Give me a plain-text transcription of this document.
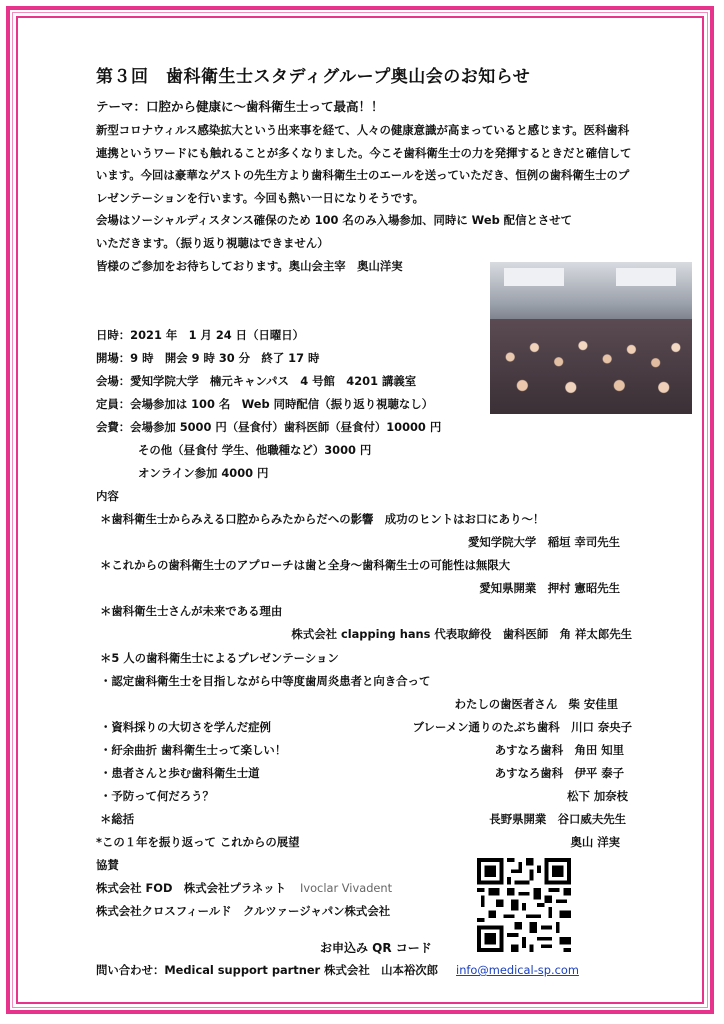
第３回　歯科衛生士スタディグループ奥山会のお知らせ
テーマ：口腔から健康に～歯科衛生士って最高！！

新型コロナウィルス感染拡大という出来事を経て、人々の健康意識が高まっていると感じます。医科歯科連携というワードにも触れることが多くなりました。今こそ歯科衛生士の力を発揮するときだと確信しています。今回は豪華なゲストの先生方より歯科衛生士のエールを送っていただき、恒例の歯科衛生士のプレゼンテーションを行います。今回も熱い一日になりそうです。

会場はソーシャルディスタンス確保のため 100 名のみ入場参加、同時に Web 配信とさせて
いただきます。（振り返り視聴はできません）
皆様のご参加をお待ちしております。奥山会主宰　奥山洋実
日時：2021 年　1 月 24 日（日曜日）
開場：9 時　開会 9 時 30 分　終了 17 時
会場：愛知学院大学　楠元キャンパス　4 号館　4201 講義室
定員：会場参加は 100 名　Web 同時配信（振り返り視聴なし）
会費：会場参加 5000 円（昼食付）歯科医師（昼食付）10000 円
その他（昼食付 学生、他職種など）3000 円
オンライン参加 4000 円
内容
＊歯科衛生士からみえる口腔からみたからだへの影響　成功のヒントはお口にあり～！
愛知学院大学　稲垣 幸司先生
＊これからの歯科衛生士のアプローチは歯と全身～歯科衛生士の可能性は無限大
愛知県開業　押村 憲昭先生
＊歯科衛生士さんが未来である理由
株式会社 clapping hans 代表取締役　歯科医師　角 祥太郎先生
＊5 人の歯科衛生士によるプレゼンテーション
・認定歯科衛生士を目指しながら中等度歯周炎患者と向き合って
わたしの歯医者さん　柴 安佳里
・資料採りの大切さを学んだ症例	ブレーメン通りのたぶち歯科　川口 奈央子
・紆余曲折 歯科衛生士って楽しい！	あすなろ歯科　角田 知里
・患者さんと歩む歯科衛生士道	あすなろ歯科　伊平 泰子
・予防って何だろう？	松下 加奈枝
＊総括	長野県開業　谷口威夫先生
*この１年を振り返って これからの展望	奥山 洋実
協賛
株式会社 FOD　株式会社プラネット Ivoclar Vivadent
株式会社クロスフィールド　クルツァージャパン株式会社
お申込み QR コード
問い合わせ：Medical support partner 株式会社　山本裕次郎 info@medical-sp.com
